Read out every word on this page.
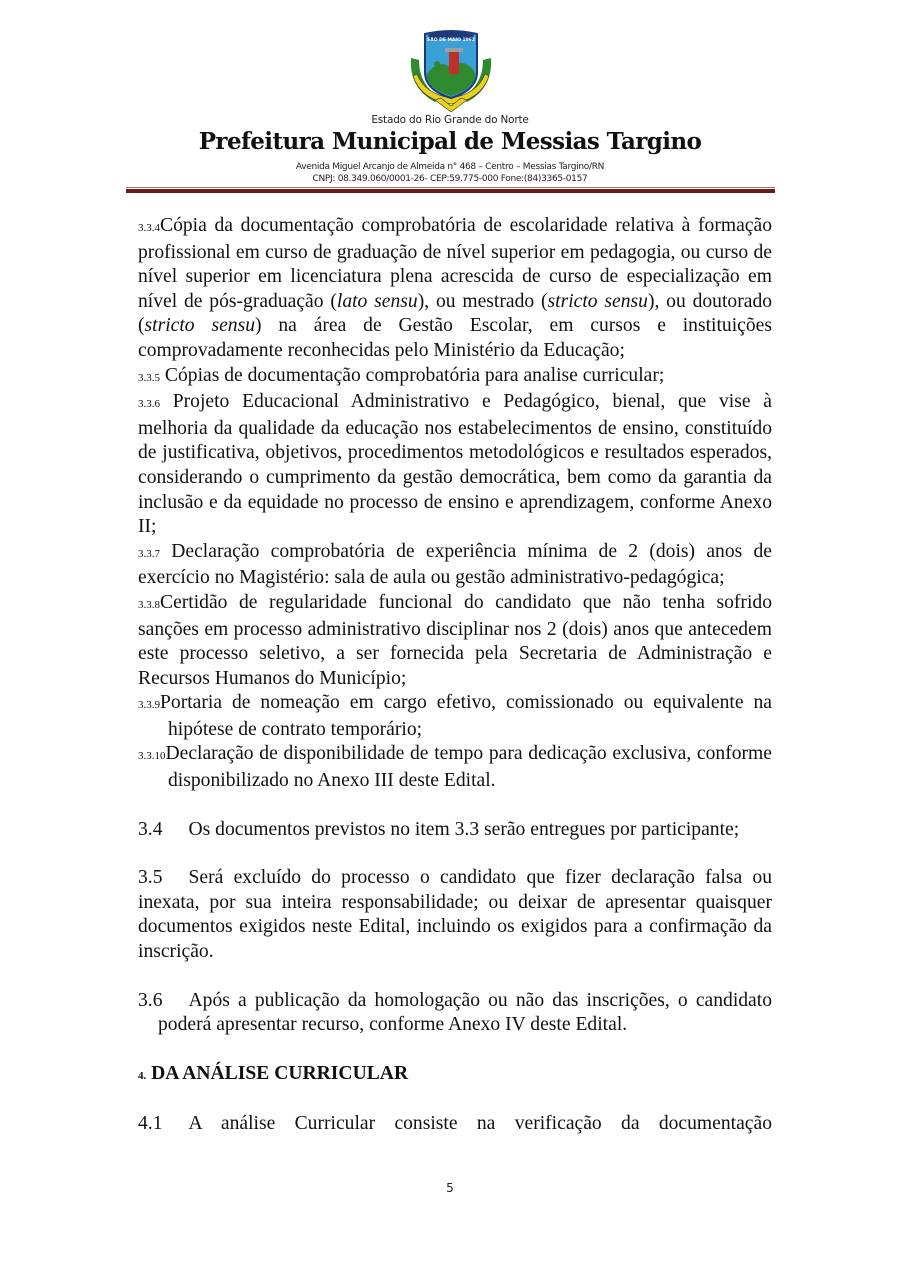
SÃO DE MAIO 1962
Estado do Rio Grande do Norte
Prefeitura Municipal de Messias Targino
Avenida Miguel Arcanjo de Almeida n° 468 – Centro – Messias Targino/RN
CNPJ: 08.349.060/0001-26- CEP:59.775-000 Fone:(84)3365-0157

3.3.4Cópia da documentação comprobatória de escolaridade relativa à formação profissional em curso de graduação de nível superior em pedagogia, ou curso de nível superior em licenciatura plena acrescida de curso de especialização em nível de pós-graduação (lato sensu), ou mestrado (stricto sensu), ou doutorado (stricto sensu) na área de Gestão Escolar, em cursos e instituições comprovadamente reconhecidas pelo Ministério da Educação;

3.3.5 Cópias de documentação comprobatória para analise curricular;

3.3.6 Projeto Educacional Administrativo e Pedagógico, bienal, que vise à melhoria da qualidade da educação nos estabelecimentos de ensino, constituído de justificativa, objetivos, procedimentos metodológicos e resultados esperados, considerando o cumprimento da gestão democrática, bem como da garantia da inclusão e da equidade no processo de ensino e aprendizagem, conforme Anexo II;

3.3.7 Declaração comprobatória de experiência mínima de 2 (dois) anos de exercício no Magistério: sala de aula ou gestão administrativo-pedagógica;

3.3.8Certidão de regularidade funcional do candidato que não tenha sofrido sanções em processo administrativo disciplinar nos 2 (dois) anos que antecedem este processo seletivo, a ser fornecida pela Secretaria de Administração e Recursos Humanos do Município;

3.3.9Portaria de nomeação em cargo efetivo, comissionado ou equivalente na hipótese de contrato temporário;

3.3.10Declaração de disponibilidade de tempo para dedicação exclusiva, conforme disponibilizado no Anexo III deste Edital.

3.4 Os documentos previstos no item 3.3 serão entregues por participante;

3.5 Será excluído do processo o candidato que fizer declaração falsa ou inexata, por sua inteira responsabilidade; ou deixar de apresentar quaisquer documentos exigidos neste Edital, incluindo os exigidos para a confirmação da inscrição.

3.6 Após a publicação da homologação ou não das inscrições, o candidato poderá apresentar recurso, conforme Anexo IV deste Edital.

4. DA ANÁLISE CURRICULAR

4.1 A análise Curricular consiste na verificação da documentação

5
